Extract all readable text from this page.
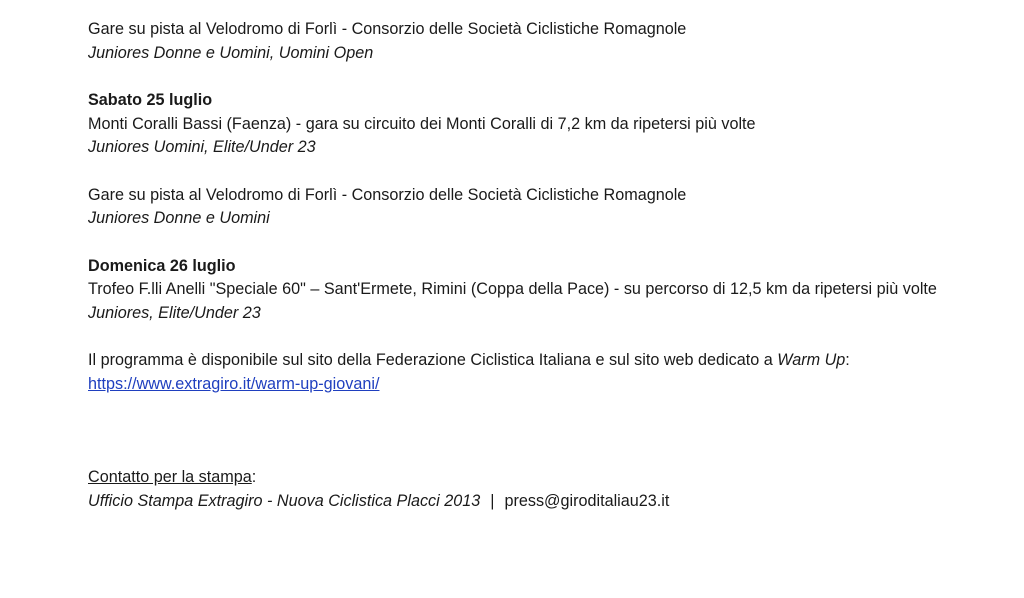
Gare su pista al Velodromo di Forlì - Consorzio delle Società Ciclistiche Romagnole
Juniores Donne e Uomini, Uomini Open
Sabato 25 luglio
Monti Coralli Bassi (Faenza) - gara su circuito dei Monti Coralli di 7,2 km da ripetersi più volte
Juniores Uomini, Elite/Under 23
Gare su pista al Velodromo di Forlì - Consorzio delle Società Ciclistiche Romagnole
Juniores Donne e Uomini
Domenica 26 luglio
Trofeo F.lli Anelli "Speciale 60" – Sant'Ermete, Rimini (Coppa della Pace) - su percorso di 12,5 km da ripetersi più volte
Juniores, Elite/Under 23
Il programma è disponibile sul sito della Federazione Ciclistica Italiana e sul sito web dedicato a Warm Up:
https://www.extragiro.it/warm-up-giovani/
Contatto per la stampa:
Ufficio Stampa Extragiro - Nuova Ciclistica Placci 2013 | press@giroditaliau23.it
